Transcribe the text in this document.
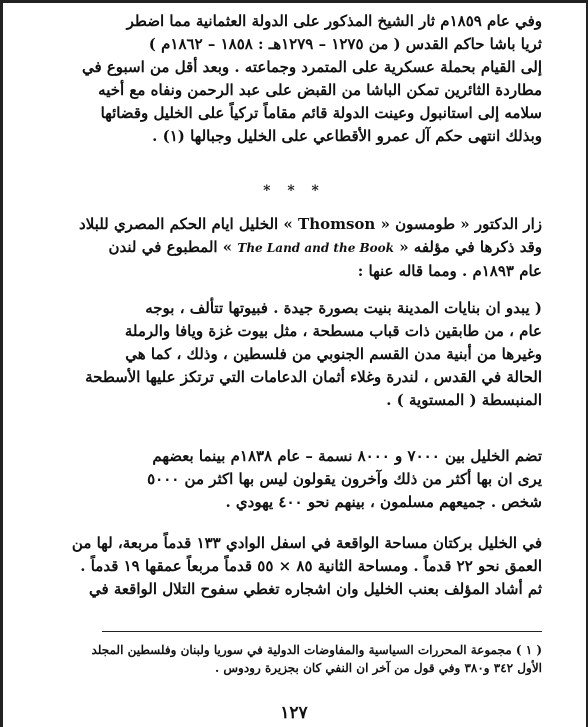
وفي عام ١٨٥٩م ثار الشيخ المذكور على الدولة العثمانية مما اضطر
ثريا باشا حاكم القدس ( من ١٢٧٥ – ١٢٧٩هـ : ١٨٥٨ – ١٨٦٢م )
إلى القيام بحملة عسكرية على المتمرد وجماعته . وبعد أقل من اسبوع في
مطاردة الثائرين تمكن الباشا من القبض على عبد الرحمن ونفاه مع أخيه
سلامه إلى استانبول وعينت الدولة قائم مقاماً تركياً على الخليل وقضائها
وبذلك انتهى حكم آل عمرو الأقطاعي على الخليل وجبالها (١) .

* * *

زار الدكتور « طومسون « Thomson » الخليل ايام الحكم المصري للبلاد
وقد ذكرها في مؤلفه « The Land and the Book » المطبوع في لندن
عام ١٨٩٣م . ومما قاله عنها :

( يبدو ان بنايات المدينة بنيت بصورة جيدة . فبيوتها تتألف ، بوجه
عام ، من طابقين ذات قباب مسطحة ، مثل بيوت غزة ويافا والرملة
وغيرها من أبنية مدن القسم الجنوبي من فلسطين ، وذلك ، كما هي
الحالة في القدس ، لندرة وغلاء أثمان الدعامات التي ترتكز عليها الأسطحة
المنبسطة ( المستوية ) .

تضم الخليل بين ٧٠٠٠ و ٨٠٠٠ نسمة – عام ١٨٣٨م بينما بعضهم
يرى ان بها أكثر من ذلك وآخرون يقولون ليس بها اكثر من ٥٠٠٠
شخص . جميعهم مسلمون ، بينهم نحو ٤٠٠ يهودي .

في الخليل بركتان مساحة الواقعة في اسفل الوادي ١٣٣ قدماً مربعة، لها من
العمق نحو ٢٢ قدماً . ومساحة الثانية ٨٥ × ٥٥ قدماً مربعاً عمقها ١٩ قدماً .
ثم أشاد المؤلف بعنب الخليل وان اشجاره تغطي سفوح التلال الواقعة في

( ١ ) مجموعة المحررات السياسية والمفاوضات الدولية في سوريا ولبنان وفلسطين المجلد
الأول ٣٤٢ و٣٨٠ وفي قول من آخر ان النفي كان بجزيرة رودوس .

١٢٧
